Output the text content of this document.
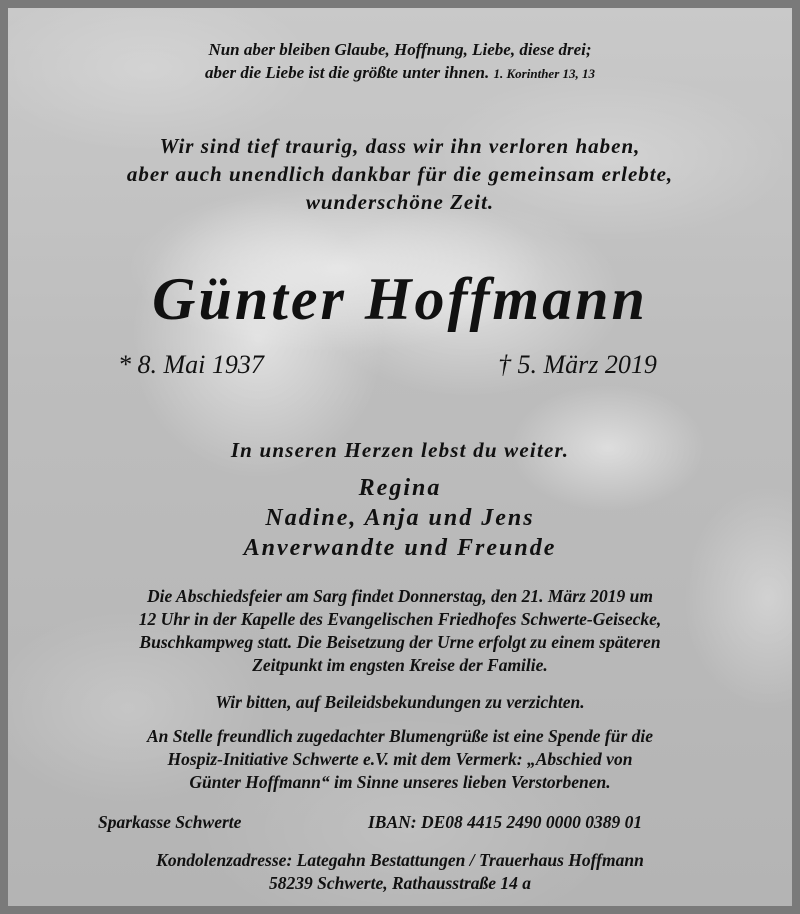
Nun aber bleiben Glaube, Hoffnung, Liebe, diese drei;
aber die Liebe ist die größte unter ihnen. 1. Korinther 13, 13
Wir sind tief traurig, dass wir ihn verloren haben,
aber auch unendlich dankbar für die gemeinsam erlebte,
wunderschöne Zeit.
Günter Hoffmann
* 8. Mai 1937	† 5. März 2019
In unseren Herzen lebst du weiter.
Regina
Nadine, Anja und Jens
Anverwandte und Freunde
Die Abschiedsfeier am Sarg findet Donnerstag, den 21. März 2019 um
12 Uhr in der Kapelle des Evangelischen Friedhofes Schwerte-Geisecke,
Buschkampweg statt. Die Beisetzung der Urne erfolgt zu einem späteren
Zeitpunkt im engsten Kreise der Familie.
Wir bitten, auf Beileidsbekundungen zu verzichten.
An Stelle freundlich zugedachter Blumengrüße ist eine Spende für die
Hospiz-Initiative Schwerte e.V. mit dem Vermerk: „Abschied von
Günter Hoffmann“ im Sinne unseres lieben Verstorbenen.
Sparkasse Schwerte	IBAN: DE08 4415 2490 0000 0389 01
Kondolenzadresse: Lategahn Bestattungen / Trauerhaus Hoffmann
58239 Schwerte, Rathausstraße 14 a
